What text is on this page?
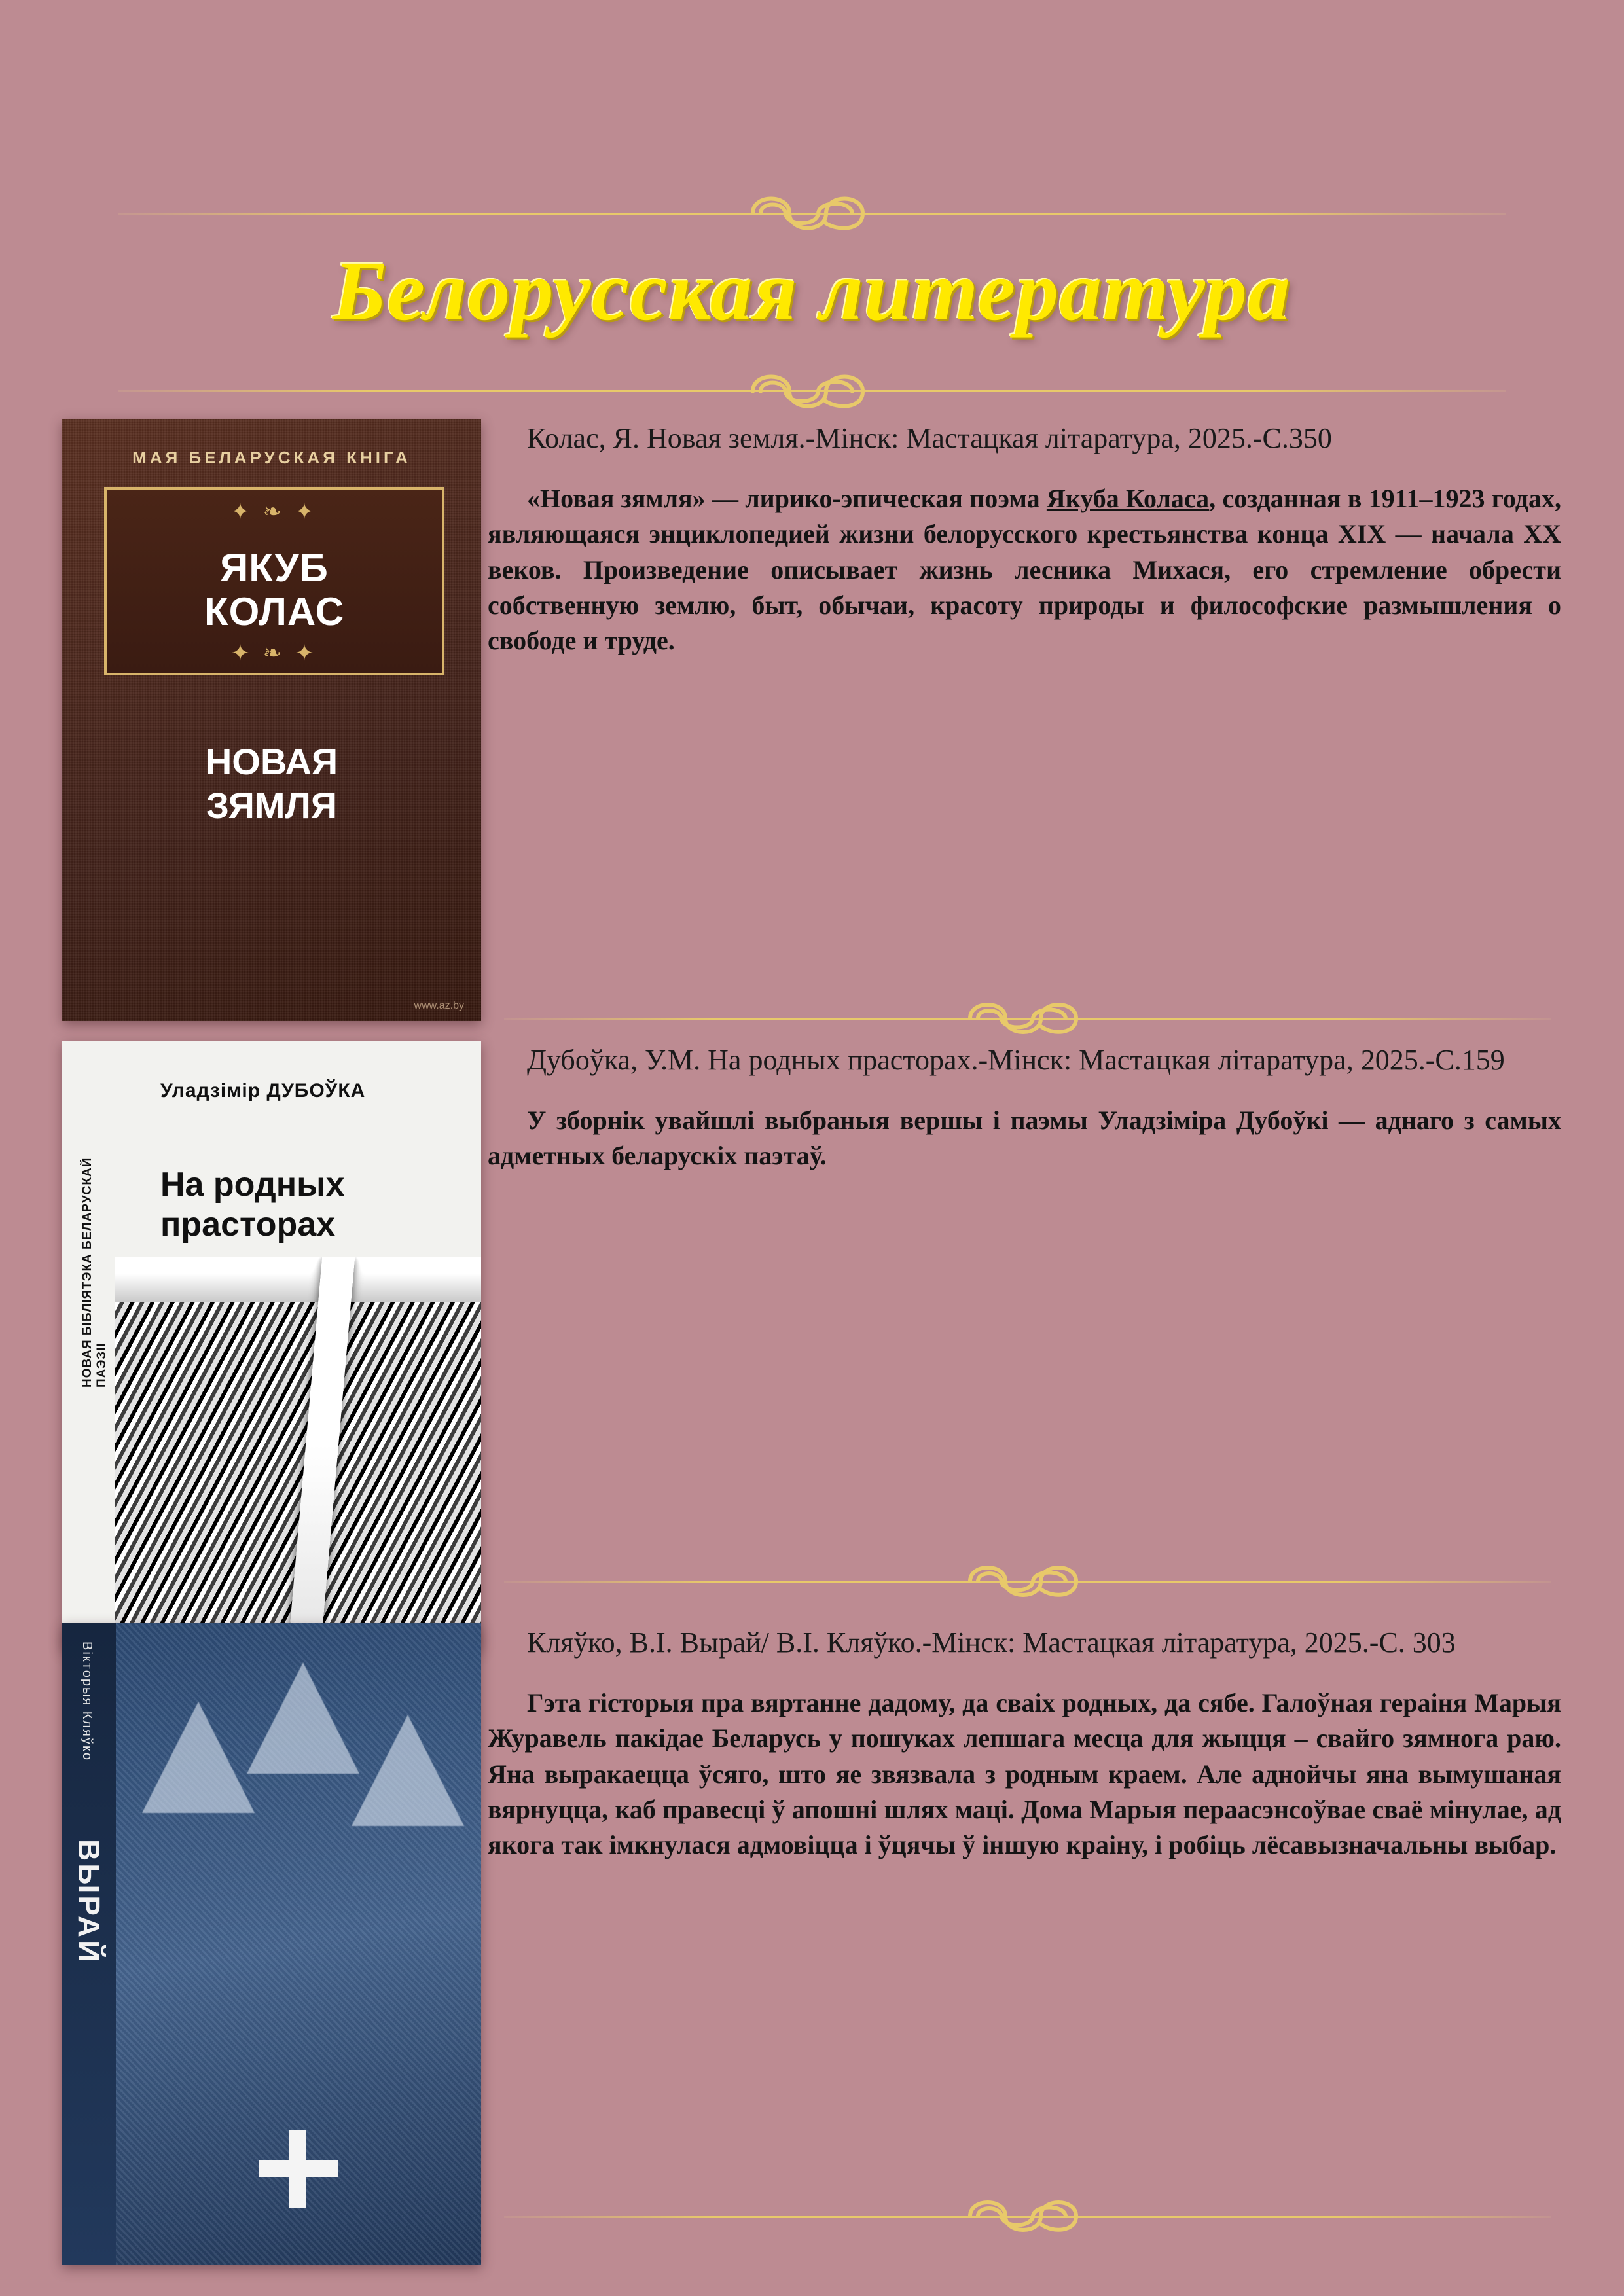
Белорусская литература
МАЯ БЕЛАРУСКАЯ КНІГА
✦ ❧ ✦
ЯКУБ
КОЛАС
✦ ❧ ✦
НОВАЯ
ЗЯМЛЯ
www.az.by

Колас, Я. Новая земля.-Мінск: Мастацкая літаратура, 2025.-С.350

«Новая зямля» — лирико-эпическая поэма Якуба Коласа, созданная в 1911–1923 годах, являющаяся энциклопедией жизни белорусского крестьянства конца XIX — начала XX веков. Произведение описывает жизнь лесника Михася, его стремление обрести собственную землю, быт, обычаи, красоту природы и философские размышления о свободе и труде.

Уладзімір ДУБОЎКА
НОВАЯ БІБЛІЯТЭКА БЕЛАРУСКАЙ ПАЭЗІІ
На родных прасторах

Дубоўка, У.М. На родных прасторах.-Мінск: Мастацкая літаратура, 2025.-С.159

У зборнік увайшлі выбраныя вершы і паэмы Уладзіміра Дубоўкі — аднаго з самых адметных беларускіх паэтаў.

Вікторыя Кляўко
ВЫРАЙ

Кляўко, В.І. Вырай/ В.І. Кляўко.-Мінск: Мастацкая літаратура, 2025.-С. 303

Гэта гісторыя пра вяртанне дадому, да сваіх родных, да сябе. Галоўная гераіня Марыя Журавель пакідае Беларусь у пошуках лепшага месца для жыцця – свайго зямнога раю. Яна выракаецца ўсяго, што яе звязвала з родным краем. Але аднойчы яна вымушаная вярнуцца, каб правесці ў апошні шлях маці. Дома Марыя пераасэнсоўвае сваё мінулае, ад якога так імкнулася адмовіцца і ўцячы ў іншую краіну, і робіць лёсавызначальны выбар.
